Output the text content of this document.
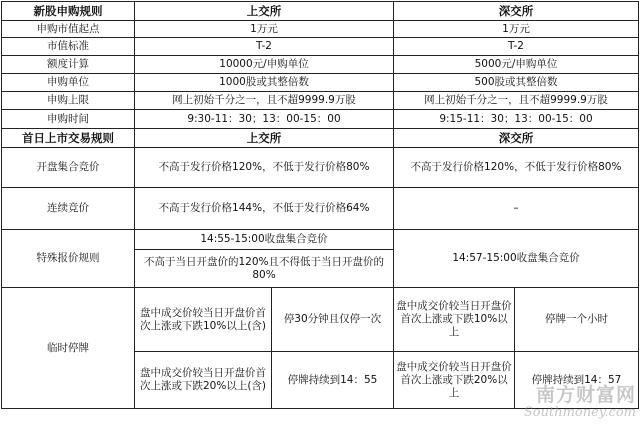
新股申购规则	上交所		深交所	
申购市值起点	1万元		1万元	
市值标准	T-2		T-2	
额度计算	10000元/申购单位		5000元/申购单位	
申购单位	1000股或其整倍数		500股或其整倍数	
申购上限	网上初始千分之一，且不超9999.9万股		网上初始千分之一，且不超9999.9万股	
申购时间	9:30-11：30；13：00-15：00		9:15-11：30；13：00-15：00	
首日上市交易规则	上交所		深交所	
开盘集合竞价	不高于发行价格120%，不低于发行价格80%		不高于发行价格120%，不低于发行价格80%	
连续竞价	不高于发行价格144%，不低于发行价格64%		–	
特殊报价规则	14:55-15:00收盘集合竞价		14:57-15:00收盘集合竞价	
	不高于当日开盘价的120%且不得低于当日开盘价的80%			
临时停牌	盘中成交价较当日开盘价首次上涨或下跌10%以上(含)	停30分钟且仅停一次	盘中成交价较当日开盘价首次上涨或下跌10%以上	停牌一个小时
	盘中成交价较当日开盘价首次上涨或下跌20%以上(含)	停牌持续到14：55	盘中成交价较当日开盘价首次上涨或下跌20%以上	停牌持续到14：57
南方财富网
Southmoney.com
